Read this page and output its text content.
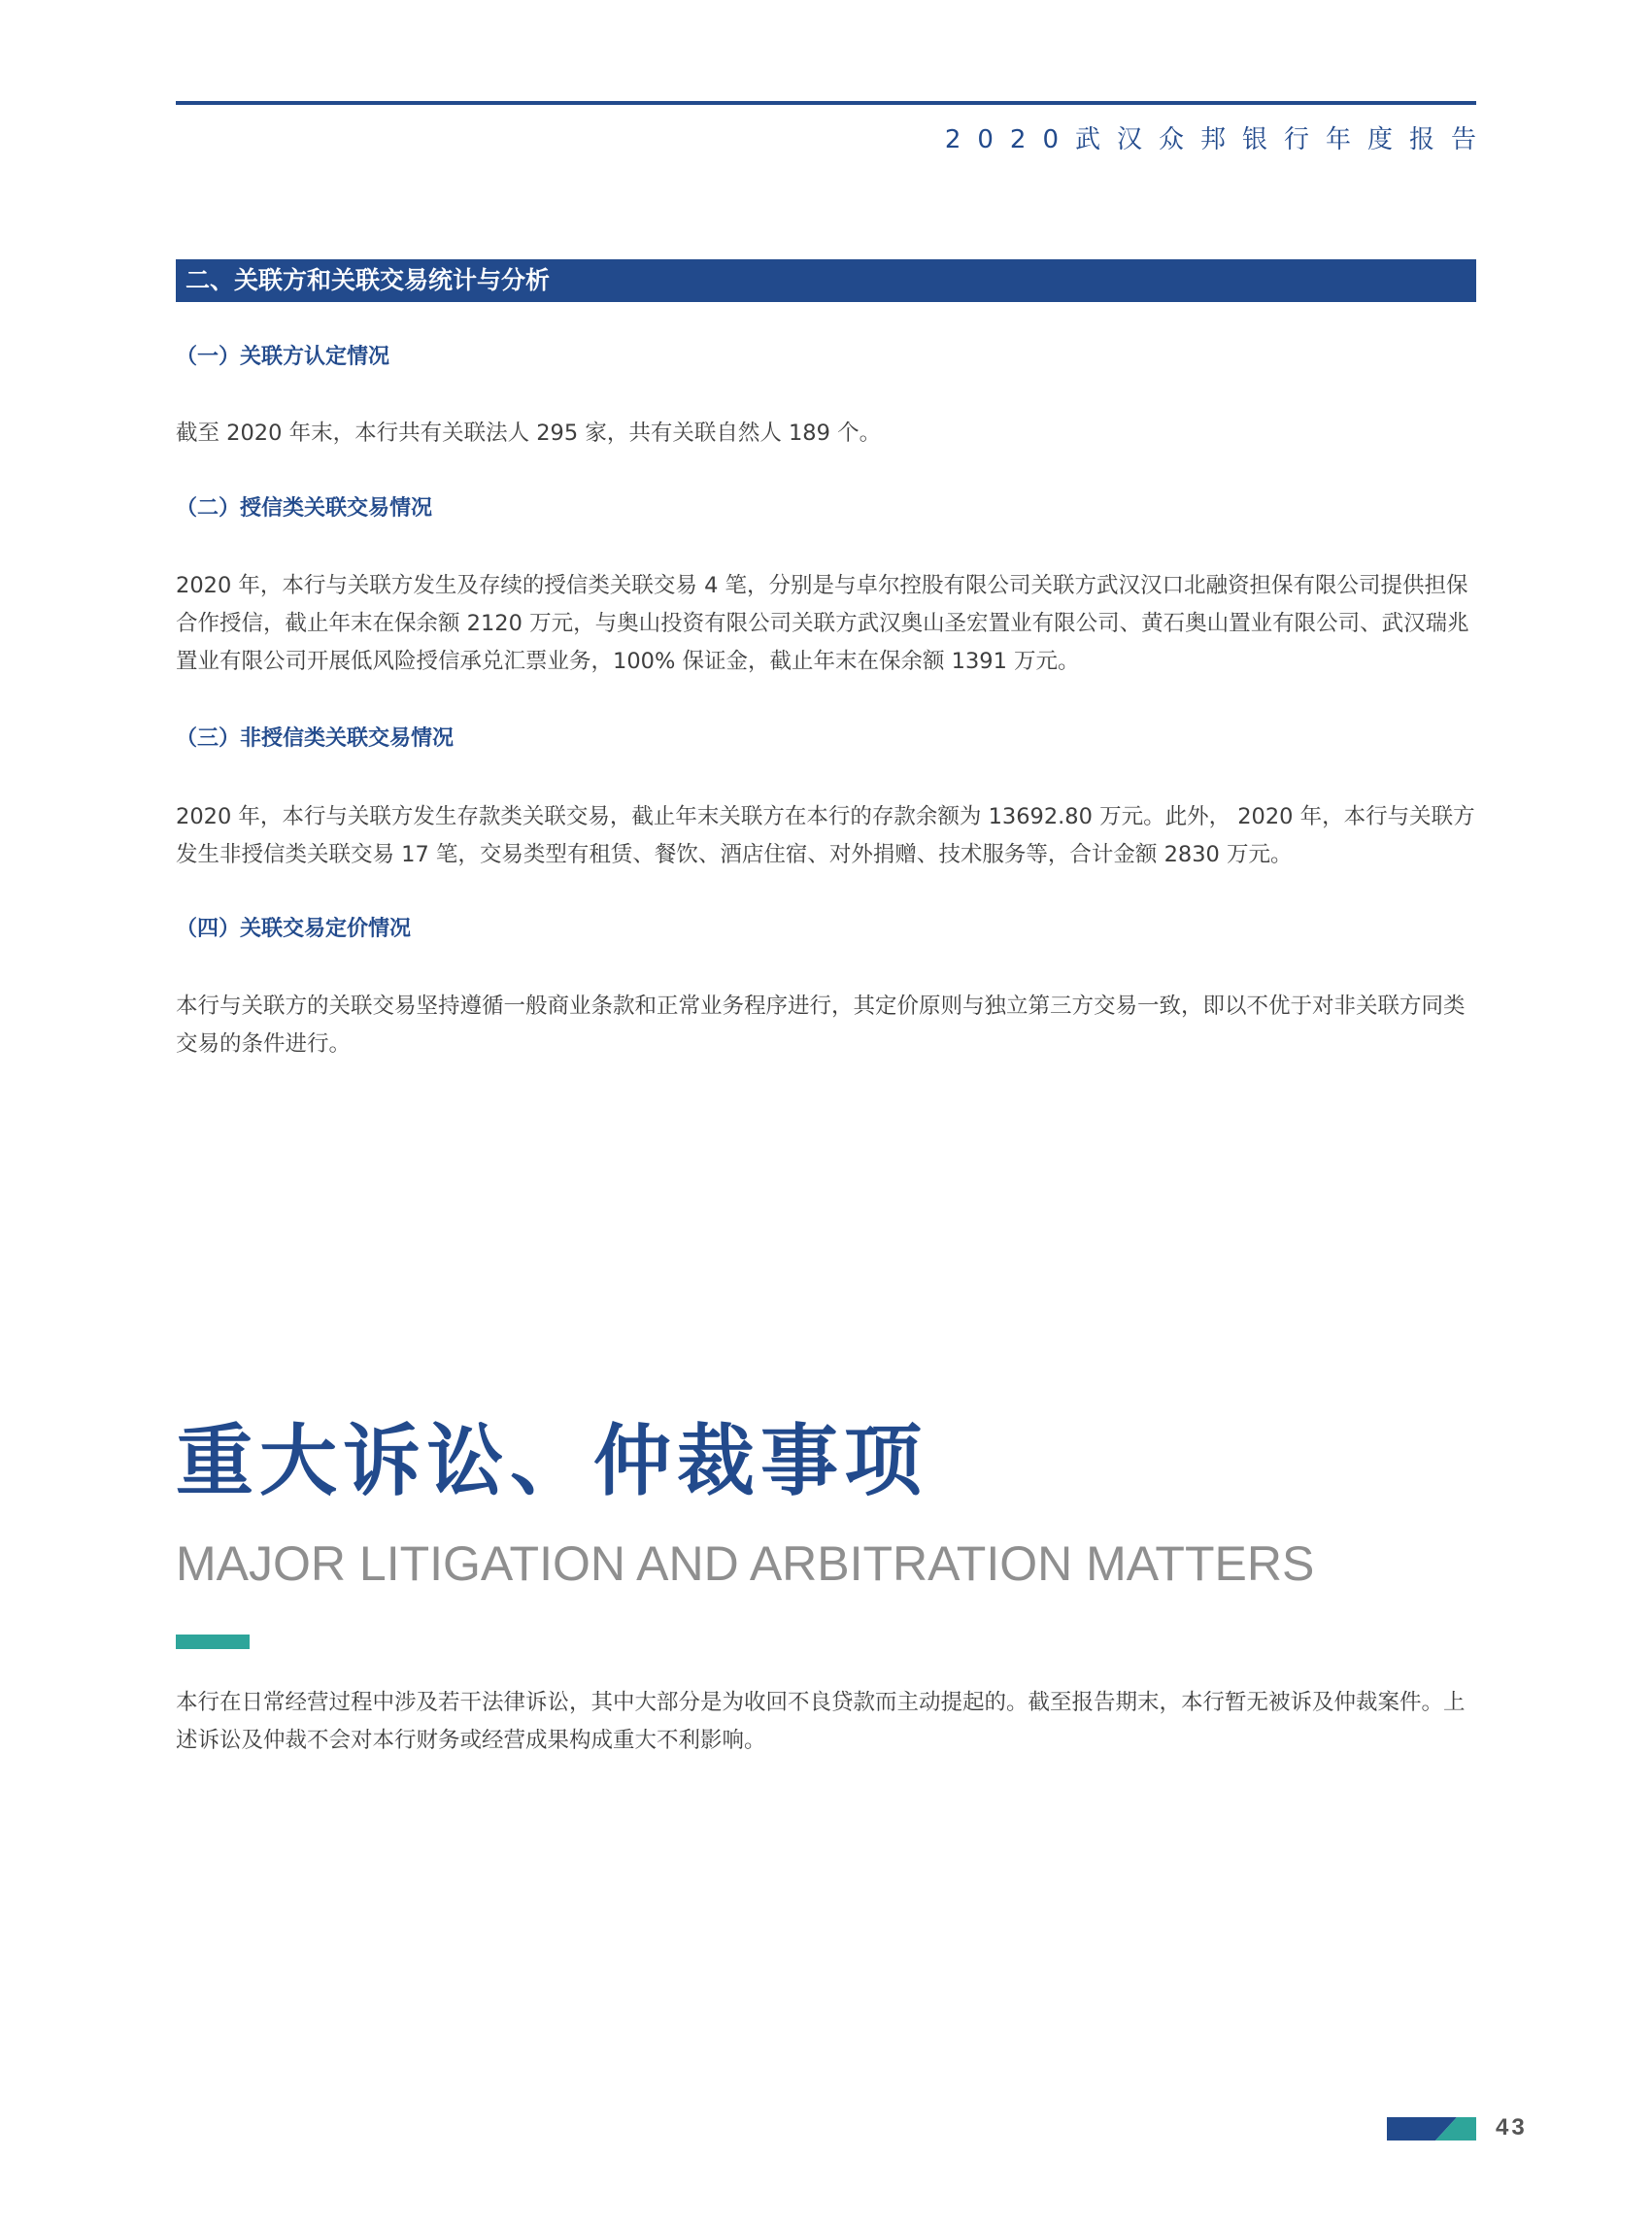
2020武汉众邦银行年度报告
二、关联方和关联交易统计与分析
（一）关联方认定情况

截至 2020 年末，本行共有关联法人 295 家，共有关联自然人 189 个。

（二）授信类关联交易情况

2020 年，本行与关联方发生及存续的授信类关联交易 4 笔，分别是与卓尔控股有限公司关联方武汉汉口北融资担保有限公司提供担保合作授信，截止年末在保余额 2120 万元，与奥山投资有限公司关联方武汉奥山圣宏置业有限公司、黄石奥山置业有限公司、武汉瑞兆置业有限公司开展低风险授信承兑汇票业务，100% 保证金，截止年末在保余额 1391 万元。

（三）非授信类关联交易情况

2020 年，本行与关联方发生存款类关联交易，截止年末关联方在本行的存款余额为 13692.80 万元。此外， 2020 年，本行与关联方发生非授信类关联交易 17 笔，交易类型有租赁、餐饮、酒店住宿、对外捐赠、技术服务等，合计金额 2830 万元。

（四）关联交易定价情况

本行与关联方的关联交易坚持遵循一般商业条款和正常业务程序进行，其定价原则与独立第三方交易一致，即以不优于对非关联方同类交易的条件进行。

重大诉讼、仲裁事项
MAJOR LITIGATION AND ARBITRATION MATTERS

本行在日常经营过程中涉及若干法律诉讼，其中大部分是为收回不良贷款而主动提起的。截至报告期末，本行暂无被诉及仲裁案件。上述诉讼及仲裁不会对本行财务或经营成果构成重大不利影响。

43
